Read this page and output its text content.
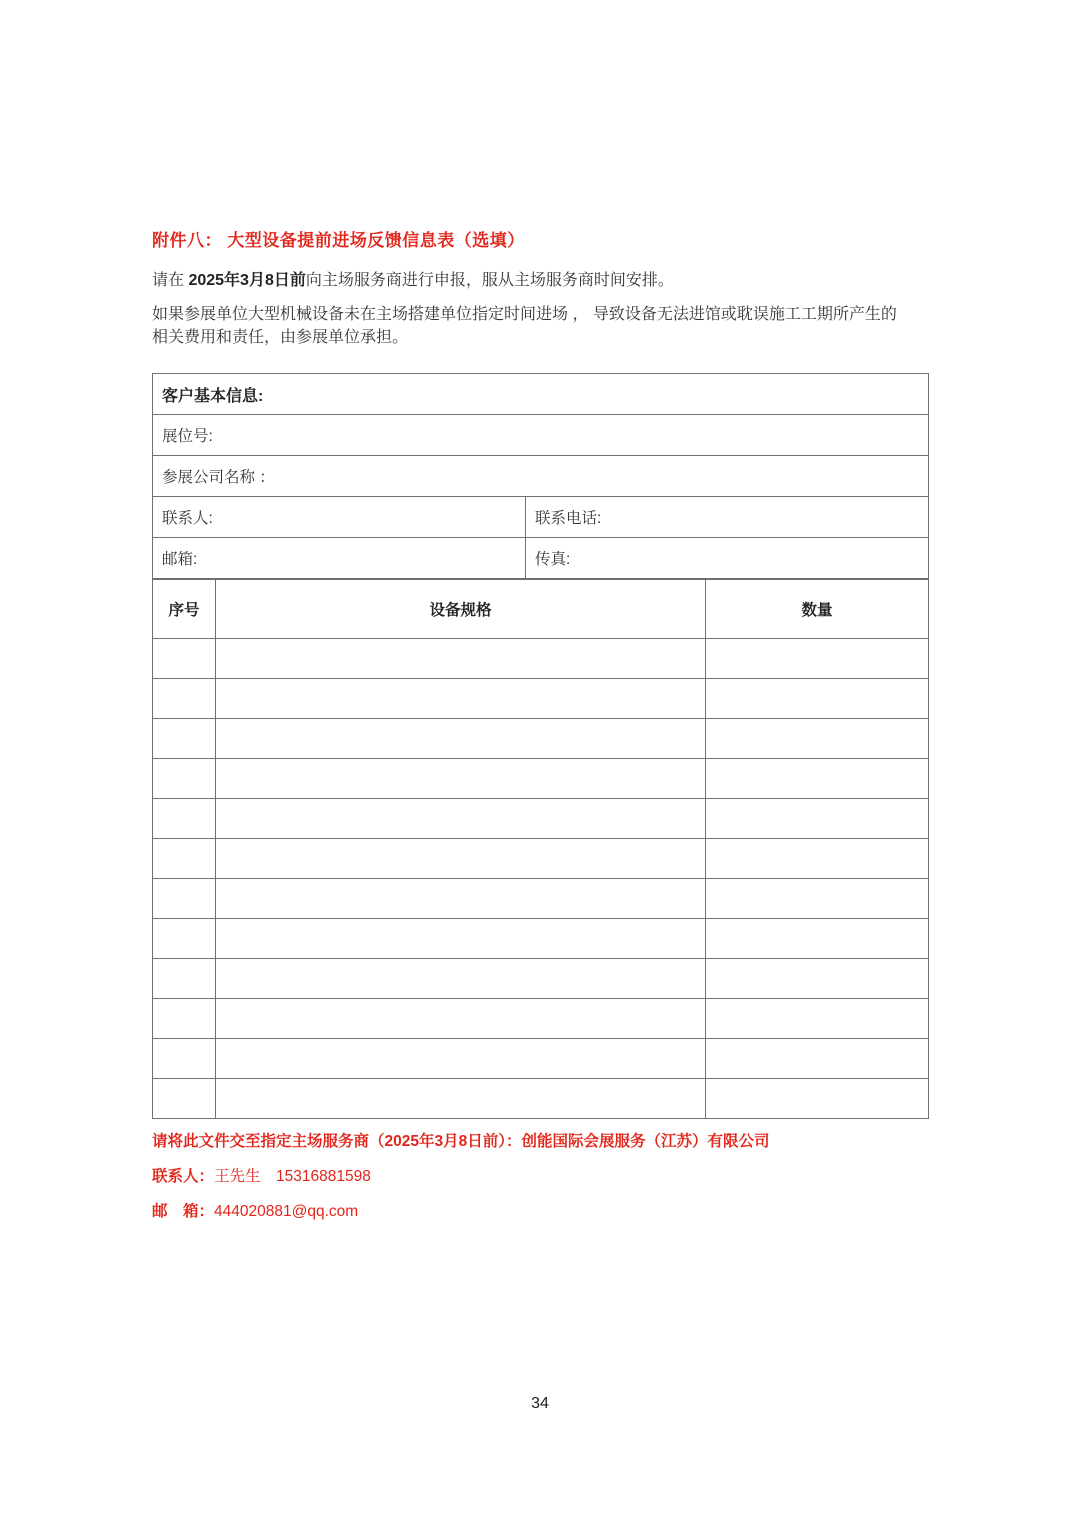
附件八： 大型设备提前进场反馈信息表（选填）

请在 2025年3月8日前向主场服务商进行申报，服从主场服务商时间安排。

如果参展单位大型机械设备未在主场搭建单位指定时间进场 ， 导致设备无法进馆或耽误施工工期所产生的
相关费用和责任，由参展单位承担。

客户基本信息:	
展位号:	
参展公司名称 ：	
联系人:	联系电话:
邮箱:	传真:
序号	设备规格	数量

请将此文件交至指定主场服务商（2025年3月8日前）：创能国际会展服务（江苏）有限公司
联系人：王先生　15316881598
邮　箱：444020881@qq.com
34
